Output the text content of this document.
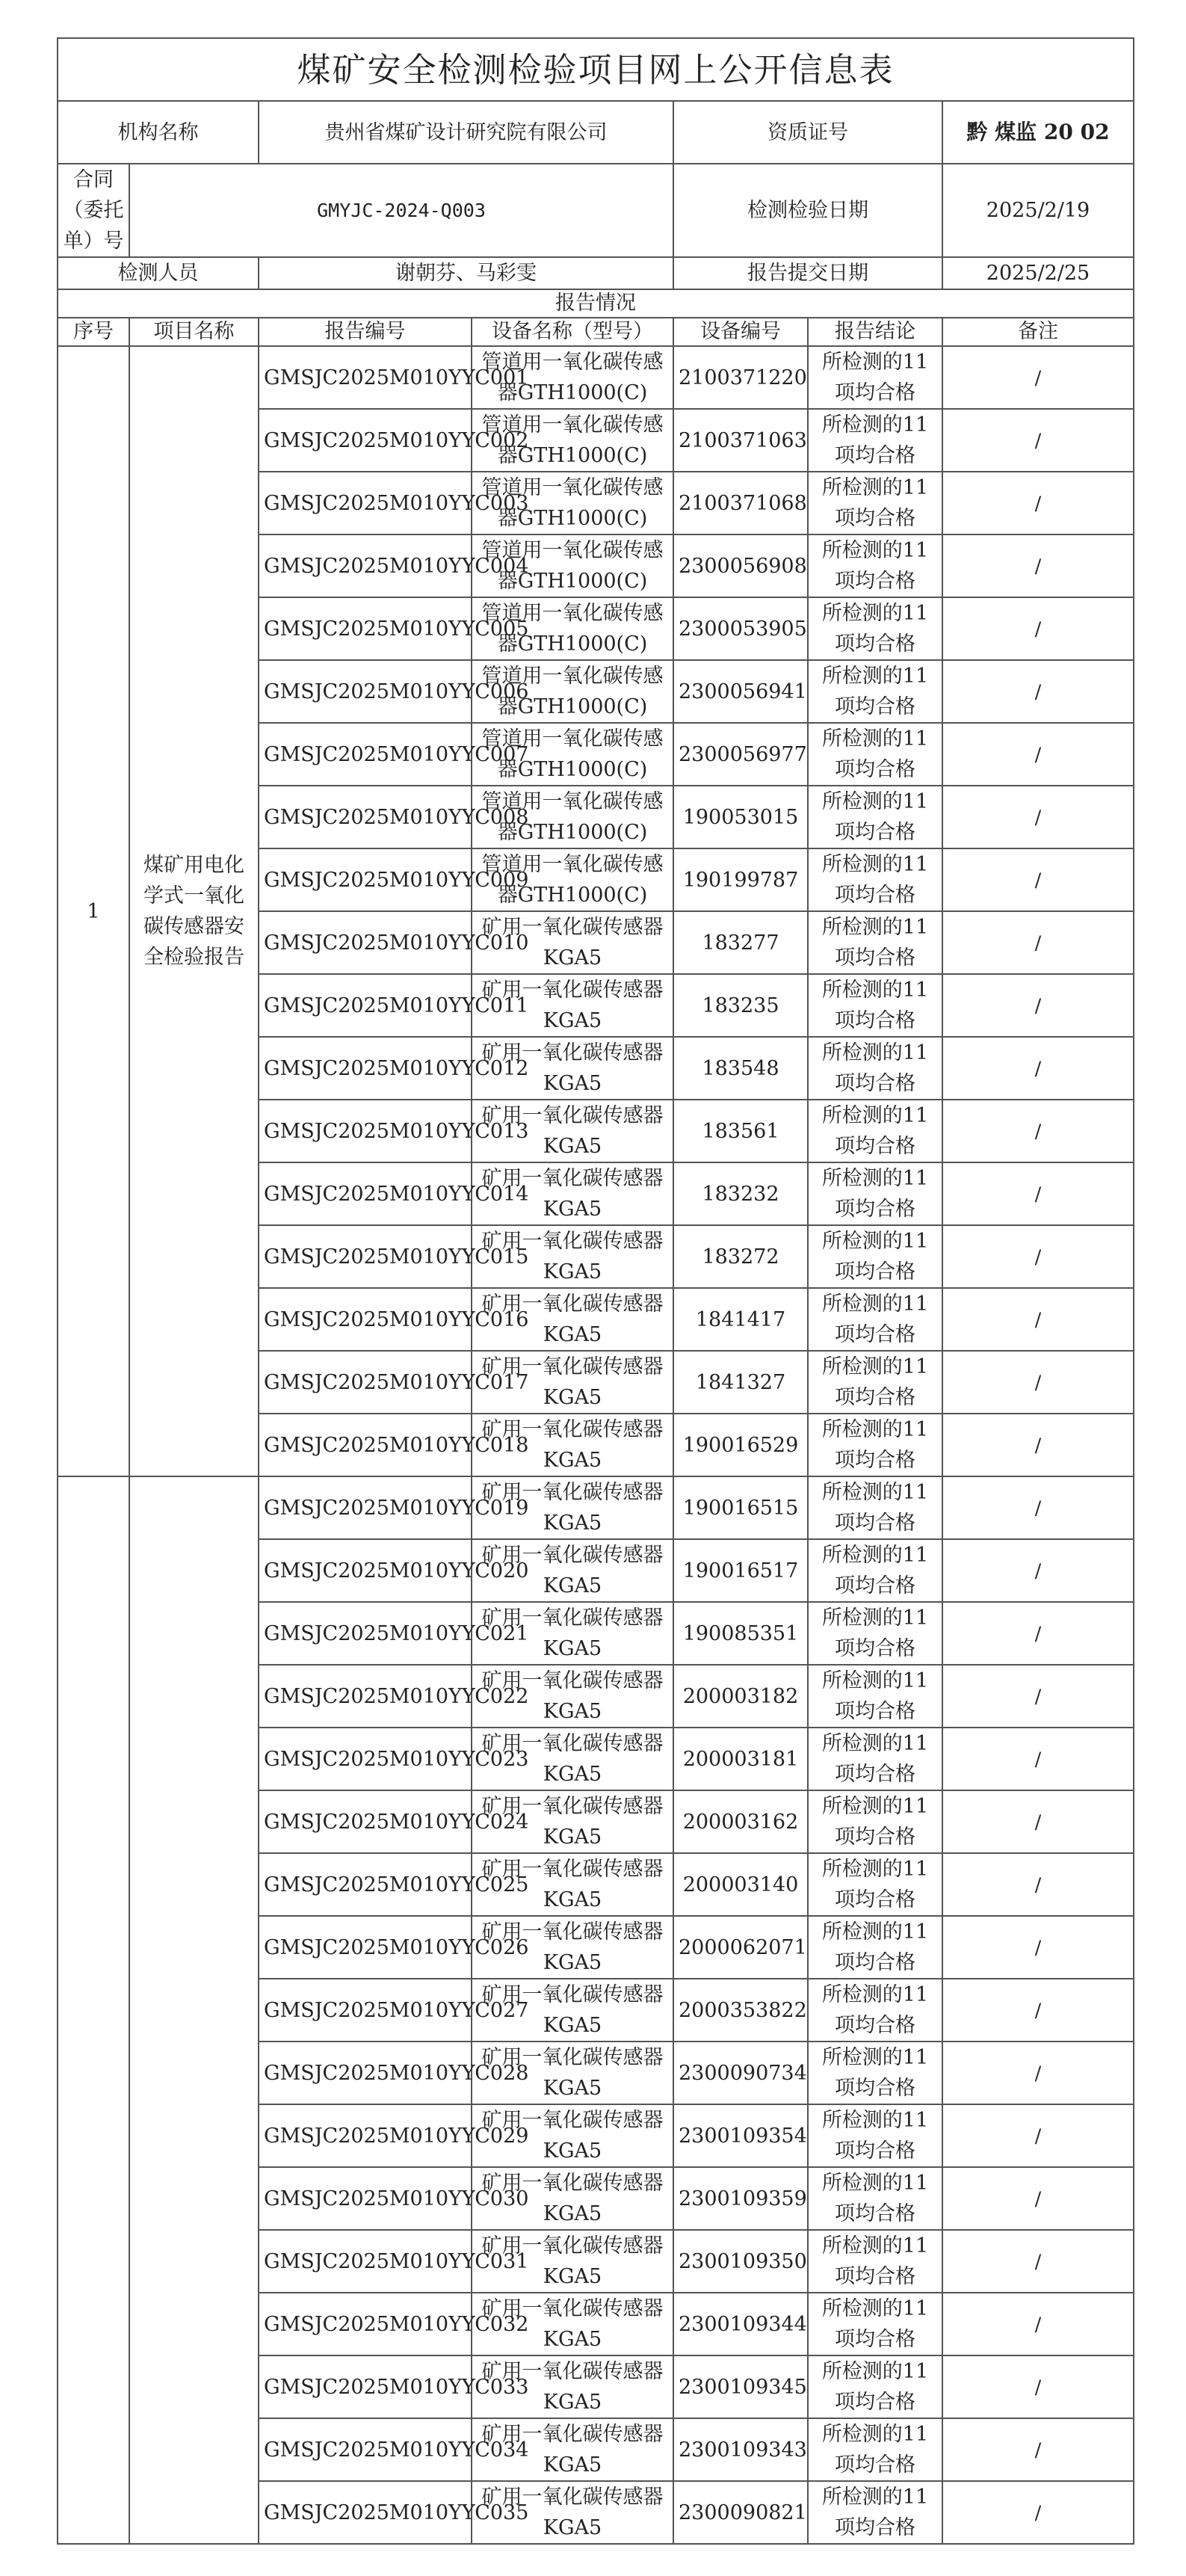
煤矿安全检测检验项目网上公开信息表						
机构名称		贵州省煤矿设计研究院有限公司		资质证号		黔 煤监 20 02
合同（委托单）号	GMYJC-2024-Q003			检测检验日期		2025/2/19
检测人员		谢朝芬、马彩雯		报告提交日期		2025/2/25
报告情况						
序号	项目名称	报告编号	设备名称（型号）	设备编号	报告结论	备注
1	煤矿用电化学式一氧化碳传感器安全检验报告	GMSJC2025M010YYC001	管道用一氧化碳传感器GTH1000(C)	2100371220	所检测的11项均合格	/
		GMSJC2025M010YYC002	管道用一氧化碳传感器GTH1000(C)	2100371063	所检测的11项均合格	/
		GMSJC2025M010YYC003	管道用一氧化碳传感器GTH1000(C)	2100371068	所检测的11项均合格	/
		GMSJC2025M010YYC004	管道用一氧化碳传感器GTH1000(C)	2300056908	所检测的11项均合格	/
		GMSJC2025M010YYC005	管道用一氧化碳传感器GTH1000(C)	2300053905	所检测的11项均合格	/
		GMSJC2025M010YYC006	管道用一氧化碳传感器GTH1000(C)	2300056941	所检测的11项均合格	/
		GMSJC2025M010YYC007	管道用一氧化碳传感器GTH1000(C)	2300056977	所检测的11项均合格	/
		GMSJC2025M010YYC008	管道用一氧化碳传感器GTH1000(C)	190053015	所检测的11项均合格	/
		GMSJC2025M010YYC009	管道用一氧化碳传感器GTH1000(C)	190199787	所检测的11项均合格	/
		GMSJC2025M010YYC010	矿用一氧化碳传感器KGA5	183277	所检测的11项均合格	/
		GMSJC2025M010YYC011	矿用一氧化碳传感器KGA5	183235	所检测的11项均合格	/
		GMSJC2025M010YYC012	矿用一氧化碳传感器KGA5	183548	所检测的11项均合格	/
		GMSJC2025M010YYC013	矿用一氧化碳传感器KGA5	183561	所检测的11项均合格	/
		GMSJC2025M010YYC014	矿用一氧化碳传感器KGA5	183232	所检测的11项均合格	/
		GMSJC2025M010YYC015	矿用一氧化碳传感器KGA5	183272	所检测的11项均合格	/
		GMSJC2025M010YYC016	矿用一氧化碳传感器KGA5	1841417	所检测的11项均合格	/
		GMSJC2025M010YYC017	矿用一氧化碳传感器KGA5	1841327	所检测的11项均合格	/
		GMSJC2025M010YYC018	矿用一氧化碳传感器KGA5	190016529	所检测的11项均合格	/
		GMSJC2025M010YYC019	矿用一氧化碳传感器KGA5	190016515	所检测的11项均合格	/
		GMSJC2025M010YYC020	矿用一氧化碳传感器KGA5	190016517	所检测的11项均合格	/
		GMSJC2025M010YYC021	矿用一氧化碳传感器KGA5	190085351	所检测的11项均合格	/
		GMSJC2025M010YYC022	矿用一氧化碳传感器KGA5	200003182	所检测的11项均合格	/
		GMSJC2025M010YYC023	矿用一氧化碳传感器KGA5	200003181	所检测的11项均合格	/
		GMSJC2025M010YYC024	矿用一氧化碳传感器KGA5	200003162	所检测的11项均合格	/
		GMSJC2025M010YYC025	矿用一氧化碳传感器KGA5	200003140	所检测的11项均合格	/
		GMSJC2025M010YYC026	矿用一氧化碳传感器KGA5	2000062071	所检测的11项均合格	/
		GMSJC2025M010YYC027	矿用一氧化碳传感器KGA5	2000353822	所检测的11项均合格	/
		GMSJC2025M010YYC028	矿用一氧化碳传感器KGA5	2300090734	所检测的11项均合格	/
		GMSJC2025M010YYC029	矿用一氧化碳传感器KGA5	2300109354	所检测的11项均合格	/
		GMSJC2025M010YYC030	矿用一氧化碳传感器KGA5	2300109359	所检测的11项均合格	/
		GMSJC2025M010YYC031	矿用一氧化碳传感器KGA5	2300109350	所检测的11项均合格	/
		GMSJC2025M010YYC032	矿用一氧化碳传感器KGA5	2300109344	所检测的11项均合格	/
		GMSJC2025M010YYC033	矿用一氧化碳传感器KGA5	2300109345	所检测的11项均合格	/
		GMSJC2025M010YYC034	矿用一氧化碳传感器KGA5	2300109343	所检测的11项均合格	/
		GMSJC2025M010YYC035	矿用一氧化碳传感器KGA5	2300090821	所检测的11项均合格	/
